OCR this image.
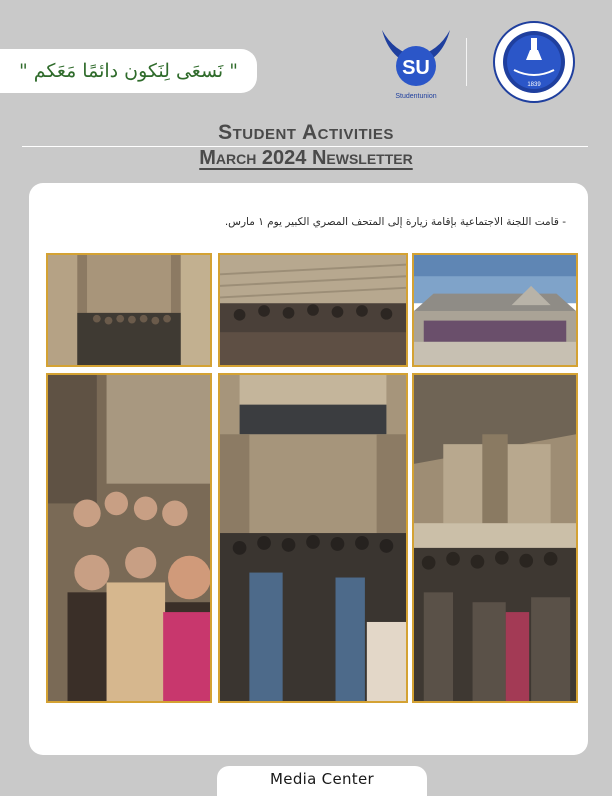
" نَسعَى لِنَكون دائمًا مَعَكم "	SU
Studentunion
1839
Student Activities
March 2024 Newsletter
- قامت اللجنة الاجتماعية بإقامة زيارة إلى المتحف المصري الكبير يوم ١ مارس.
Media Center
